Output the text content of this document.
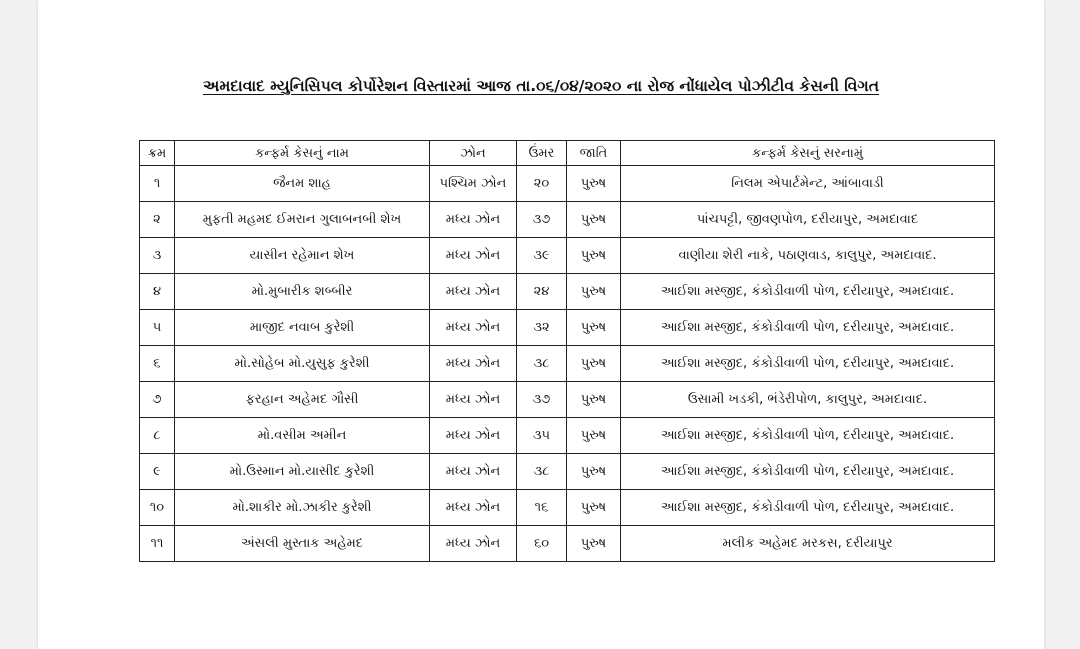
અમદાવાદ મ્યુનિસિપલ કોર્પોરેશન વિસ્તારમાં આજ તા.૦૬/૦૪/૨૦૨૦ ના રોજ નોંધાયેલ પોઝીટીવ કેસની વિગત
ક્રમ	કન્ફર્મ કેસનું નામ	ઝોન	ઉંમર	જાતિ	કન્ફર્મ કેસનું સરનામું
૧	જૈનમ શાહ	પશ્ચિમ ઝોન	૨૦	પુરુષ	નિલમ એપાર્ટમેન્ટ, આંબાવાડી
૨	મુફતી મહમદ ઈમરાન ગુલાબનબી શેખ	મધ્ય ઝોન	૩૭	પુરુષ	પાંચપટ્ટી, જીવણપોળ, દરીયાપુર, અમદાવાદ
૩	યાસીન રહેમાન શેખ	મધ્ય ઝોન	૩૯	પુરુષ	વાણીયા શેરી નાકે, પઠાણવાડ, કાલુપુર, અમદાવાદ.
૪	મો.મુબારીક શબ્બીર	મધ્ય ઝોન	૨૪	પુરુષ	આઈશા મસ્જીદ, કંકોડીવાળી પોળ, દરીયાપુર, અમદાવાદ.
૫	માજીદ નવાબ કુરેશી	મધ્ય ઝોન	૩૨	પુરુષ	આઈશા મસ્જીદ, કંકોડીવાળી પોળ, દરીયાપુર, અમદાવાદ.
૬	મો.સોહેબ મો.યુસુફ કુરેશી	મધ્ય ઝોન	૩૮	પુરુષ	આઈશા મસ્જીદ, કંકોડીવાળી પોળ, દરીયાપુર, અમદાવાદ.
૭	ફરહાન અહેમદ ગૌસી	મધ્ય ઝોન	૩૭	પુરુષ	ઉસામી ખડકી, ભંડેરીપોળ, કાલુપુર, અમદાવાદ.
૮	મો.વસીમ અમીન	મધ્ય ઝોન	૩૫	પુરુષ	આઈશા મસ્જીદ, કંકોડીવાળી પોળ, દરીયાપુર, અમદાવાદ.
૯	મો.ઉસ્માન મો.યાસીદ કુરેશી	મધ્ય ઝોન	૩૮	પુરુષ	આઈશા મસ્જીદ, કંકોડીવાળી પોળ, દરીયાપુર, અમદાવાદ.
૧૦	મો.શાકીર મો.ઝાકીર કુરેશી	મધ્ય ઝોન	૧૬	પુરુષ	આઈશા મસ્જીદ, કંકોડીવાળી પોળ, દરીયાપુર, અમદાવાદ.
૧૧	અંસલી મુસ્તાક અહેમદ	મધ્ય ઝોન	૬૦	પુરુષ	મલીક અહેમદ મરકસ, દરીયાપુર
